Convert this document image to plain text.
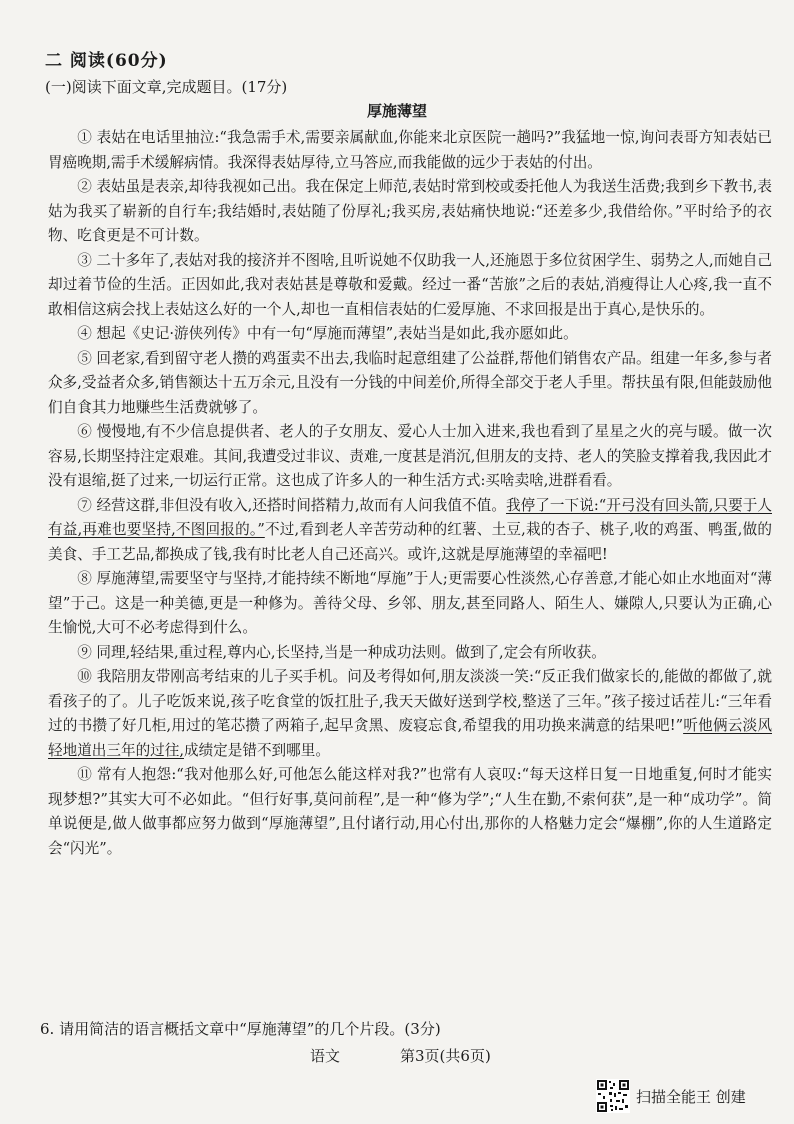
二 阅读(60分)
(一)阅读下面文章,完成题目。(17分)
厚施薄望

① 表姑在电话里抽泣:“我急需手术,需要亲属献血,你能来北京医院一趟吗?”我猛地一惊,询问表哥方知表姑已胃癌晚期,需手术缓解病情。我深得表姑厚待,立马答应,而我能做的远少于表姑的付出。

② 表姑虽是表亲,却待我视如己出。我在保定上师范,表姑时常到校或委托他人为我送生活费;我到乡下教书,表姑为我买了崭新的自行车;我结婚时,表姑随了份厚礼;我买房,表姑痛快地说:“还差多少,我借给你。”平时给予的衣物、吃食更是不可计数。

③ 二十多年了,表姑对我的接济并不图啥,且听说她不仅助我一人,还施恩于多位贫困学生、弱势之人,而她自己却过着节俭的生活。正因如此,我对表姑甚是尊敬和爱戴。经过一番“苦旅”之后的表姑,消瘦得让人心疼,我一直不敢相信这病会找上表姑这么好的一个人,却也一直相信表姑的仁爱厚施、不求回报是出于真心,是快乐的。

④ 想起《史记·游侠列传》中有一句“厚施而薄望”,表姑当是如此,我亦愿如此。

⑤ 回老家,看到留守老人攒的鸡蛋卖不出去,我临时起意组建了公益群,帮他们销售农产品。组建一年多,参与者众多,受益者众多,销售额达十五万余元,且没有一分钱的中间差价,所得全部交于老人手里。帮扶虽有限,但能鼓励他们自食其力地赚些生活费就够了。

⑥ 慢慢地,有不少信息提供者、老人的子女朋友、爱心人士加入进来,我也看到了星星之火的亮与暖。做一次容易,长期坚持注定艰难。其间,我遭受过非议、责难,一度甚是消沉,但朋友的支持、老人的笑脸支撑着我,我因此才没有退缩,挺了过来,一切运行正常。这也成了许多人的一种生活方式:买啥卖啥,进群看看。

⑦ 经营这群,非但没有收入,还搭时间搭精力,故而有人问我值不值。我停了一下说:“开弓没有回头箭,只要于人有益,再难也要坚持,不图回报的。”不过,看到老人辛苦劳动种的红薯、土豆,栽的杏子、桃子,收的鸡蛋、鸭蛋,做的美食、手工艺品,都换成了钱,我有时比老人自己还高兴。或许,这就是厚施薄望的幸福吧!

⑧ 厚施薄望,需要坚守与坚持,才能持续不断地“厚施”于人;更需要心性淡然,心存善意,才能心如止水地面对“薄望”于己。这是一种美德,更是一种修为。善待父母、乡邻、朋友,甚至同路人、陌生人、嫌隙人,只要认为正确,心生愉悦,大可不必考虑得到什么。

⑨ 同理,轻结果,重过程,尊内心,长坚持,当是一种成功法则。做到了,定会有所收获。

⑩ 我陪朋友带刚高考结束的儿子买手机。问及考得如何,朋友淡淡一笑:“反正我们做家长的,能做的都做了,就看孩子的了。儿子吃饭来说,孩子吃食堂的饭扛肚子,我天天做好送到学校,整送了三年。”孩子接过话茬儿:“三年看过的书攒了好几柜,用过的笔芯攒了两箱子,起早贪黑、废寝忘食,希望我的用功换来满意的结果吧!”听他俩云淡风轻地道出三年的过往,成绩定是错不到哪里。

⑪ 常有人抱怨:“我对他那么好,可他怎么能这样对我?”也常有人哀叹:“每天这样日复一日地重复,何时才能实现梦想?”其实大可不必如此。“但行好事,莫问前程”,是一种“修为学”;“人生在勤,不索何获”,是一种“成功学”。简单说便是,做人做事都应努力做到“厚施薄望”,且付诸行动,用心付出,那你的人格魅力定会“爆棚”,你的人生道路定会“闪光”。

6. 请用简洁的语言概括文章中“厚施薄望”的几个片段。(3分)
语文	第3页(共6页)
扫描全能王 创建
